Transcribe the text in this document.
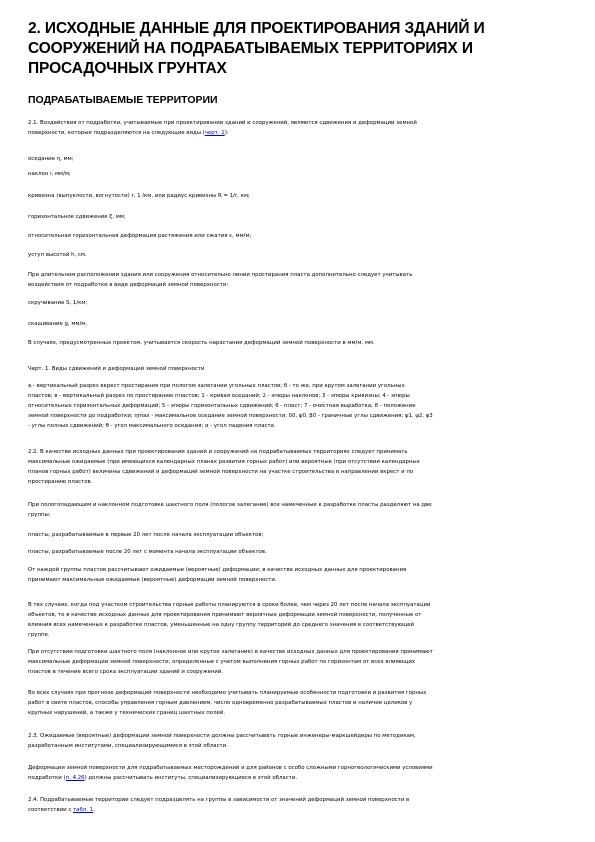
2. ИСХОДНЫЕ ДАННЫЕ ДЛЯ ПРОЕКТИРОВАНИЯ ЗДАНИЙ И
СООРУЖЕНИЙ НА ПОДРАБАТЫВАЕМЫХ ТЕРРИТОРИЯХ И
ПРОСАДОЧНЫХ ГРУНТАХ
ПОДРАБАТЫВАЕМЫЕ ТЕРРИТОРИИ
2.1. Воздействия от подработки, учитываемые при проектировании зданий и сооружений, являются сдвижения и деформации земной
поверхности, которые подразделяются на следующие виды (черт. 1):
оседание η, мм;
наклон i, мм/м;
кривизна (выпуклости, вогнутости) r, 1 /км, или радиус кривизны R = 1/r, км;
горизонтальное сдвижение ξ, мм;
относительная горизонтальная деформация растяжения или сжатия ε, мм/м;
уступ высотой h, см.
При длительном расположении здания или сооружения относительно линии простирания пласта дополнительно следует учитывать
воздействия от подработки в виде деформаций земной поверхности:
скручивание S, 1/км;
скашивание g, мм/м.
В случаях, предусмотренных проектом, учитывается скорость нарастания деформаций земной поверхности в мм/м, мм.
Черт. 1. Виды сдвижений и деформаций земной поверхности
а - вертикальный разрез вкрест простирания при пологом залегании угольных пластов; б - то же, при крутом залегании угольных
пластов; в - вертикальный разрез по простиранию пластов; 1 - кривая оседаний; 2 - эпюры наклонов; 3 - эпюры кривизны; 4 - эпюры
относительных горизонтальных деформаций; 5 - эпюры горизонтальных сдвижений; 6 - пласт; 7 - очистная выработка; 8 - положение
земной поверхности до подработки; ηmax - максимальное оседание земной поверхности; δ0, ψ0, β0 - граничные углы сдвижения; ψ1, ψ2, ψ3
- углы полных сдвижений; θ - угол максимального оседания; α - угол падения пласта
2.2. В качестве исходных данных при проектировании зданий и сооружений на подрабатываемых территориях следует принимать
максимальные ожидаемые (при имеющихся календарных планах развития горных работ) или вероятные (при отсутствии календарных
планов горных работ) величины сдвижений и деформаций земной поверхности на участке строительства в направлении вкрест и по
простиранию пластов.
При пологопадающем и наклонном подготовке шахтного поля (пологое залегание) все намеченные к разработке пласты разделяют на две
группы:
пласты, разрабатываемые в первые 20 лет после начала эксплуатации объектов;
пласты, разрабатываемые после 20 лет с момента начала эксплуатации объектов.
От каждой группы пластов рассчитывают ожидаемые (вероятные) деформации; в качестве исходных данных для проектирования
принимают максимальные ожидаемые (вероятные) деформации земной поверхности.
В тех случаях, когда под участком строительства горные работы планируются в сроки более, чем через 20 лет после начала эксплуатации
объектов, то в качестве исходных данных для проектирования принимают вероятные деформации земной поверхности, полученные от
влияния всех намеченных к разработке пластов, уменьшенные на одну группу территорий до среднего значения в соответствующей
группе.
При отсутствии подготовки шахтного поля (наклонное или крутое залегание) в качестве исходных данных для проектирования принимают
максимальные деформации земной поверхности, определенные с учетом выполнения горных работ по горизонтам от всех влияющих
пластов в течение всего срока эксплуатации зданий и сооружений.
Во всех случаях при прогнозе деформаций поверхности необходимо учитывать планируемые особенности подготовки и развития горных
работ в свите пластов, способы управления горным давлением, число одновременно разрабатываемых пластов и наличие целиков у
крупных нарушений, а также у технических границ шахтных полей.
2.3. Ожидаемые (вероятные) деформации земной поверхности должны рассчитывать горные инженеры-маркшейдеры по методикам,
разработанным институтами, специализирующимися в этой области.
Деформации земной поверхности для подрабатываемых месторождений и для районов с особо сложными горногеологическими условиями
подработки (п. 4.26) должны рассчитывать институты, специализирующиеся в этой области.
2.4. Подрабатываемые территории следует подразделять на группы в зависимости от значений деформаций земной поверхности в
соответствии с табл. 1.
